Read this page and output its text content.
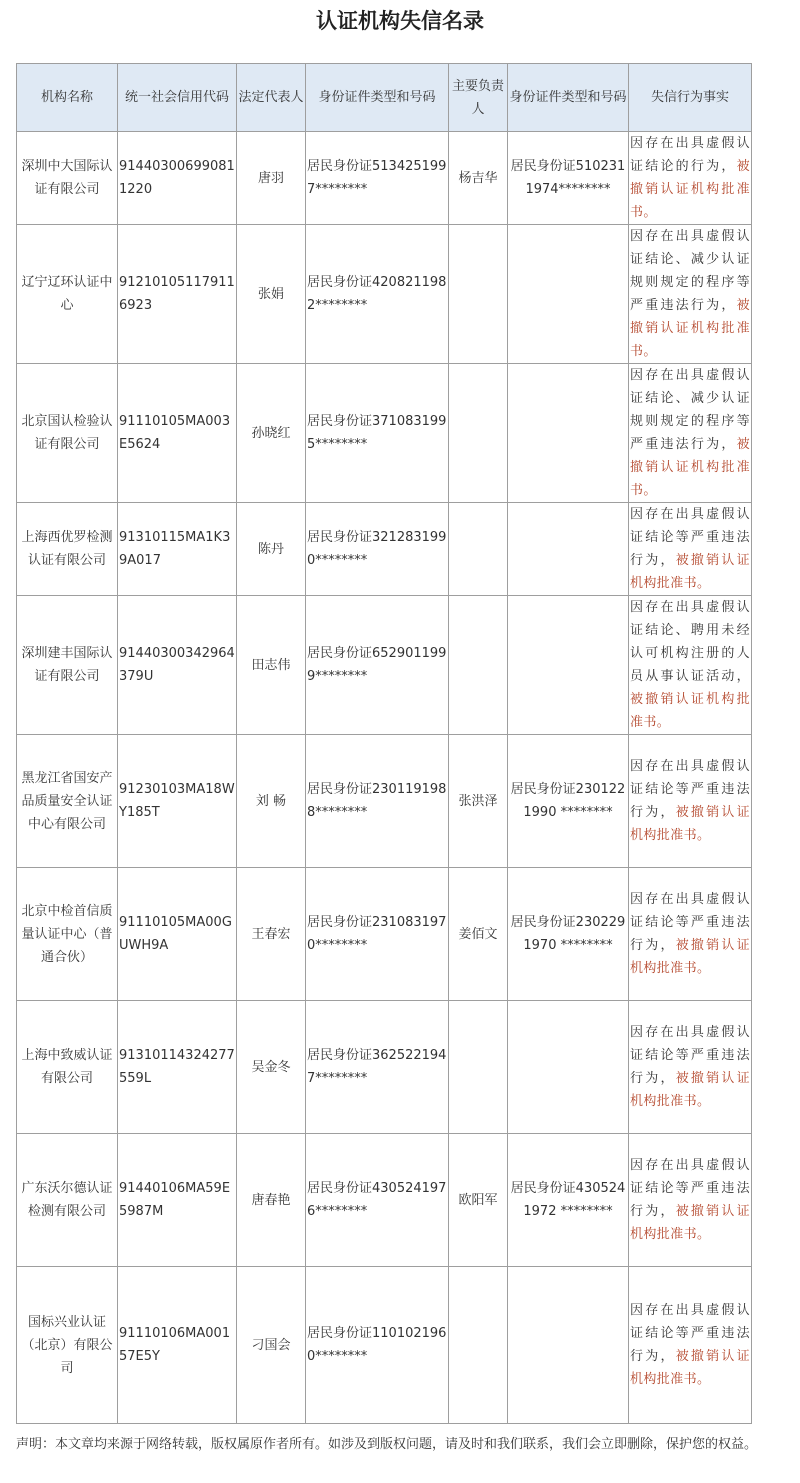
认证机构失信名录
机构名称	统一社会信用代码	法定代表人	身份证件类型和号码	主要负责人	身份证件类型和号码	失信行为事实
深圳中大国际认证有限公司	914403006990811220	唐羽	居民身份证5134251997********	杨吉华	居民身份证5102311974********	因存在出具虚假认证结论的行为，被撤销认证机构批准书。
辽宁辽环认证中心	912101051179116923	张娟	居民身份证4208211982********			因存在出具虚假认证结论、减少认证规则规定的程序等严重违法行为，被撤销认证机构批准书。
北京国认检验认证有限公司	91110105MA003E5624	孙晓红	居民身份证3710831995********			因存在出具虚假认证结论、减少认证规则规定的程序等严重违法行为，被撤销认证机构批准书。
上海西优罗检测认证有限公司	91310115MA1K39A017	陈丹	居民身份证3212831990********			因存在出具虚假认证结论等严重违法行为，被撤销认证机构批准书。
深圳建丰国际认证有限公司	91440300342964379U	田志伟	居民身份证6529011999********			因存在出具虚假认证结论、聘用未经认可机构注册的人员从事认证活动，被撤销认证机构批准书。
黑龙江省国安产品质量安全认证中心有限公司	91230103MA18WY185T	刘 畅	居民身份证2301191988********	张洪泽	居民身份证230122 1990 ********	因存在出具虚假认证结论等严重违法行为，被撤销认证机构批准书。
北京中检首信质量认证中心（普通合伙）	91110105MA00GUWH9A	王春宏	居民身份证2310831970********	姜佰文	居民身份证230229 1970 ********	因存在出具虚假认证结论等严重违法行为，被撤销认证机构批准书。
上海中致威认证有限公司	91310114324277559L	吴金冬	居民身份证3625221947********			因存在出具虚假认证结论等严重违法行为，被撤销认证机构批准书。
广东沃尔德认证检测有限公司	91440106MA59E5987M	唐春艳	居民身份证4305241976********	欧阳军	居民身份证430524 1972 ********	因存在出具虚假认证结论等严重违法行为，被撤销认证机构批准书。
国标兴业认证（北京）有限公司	91110106MA00157E5Y	刁国会	居民身份证1101021960********			因存在出具虚假认证结论等严重违法行为，被撤销认证机构批准书。
声明：本文章均来源于网络转载，版权属原作者所有。如涉及到版权问题，请及时和我们联系，我们会立即删除，保护您的权益。
